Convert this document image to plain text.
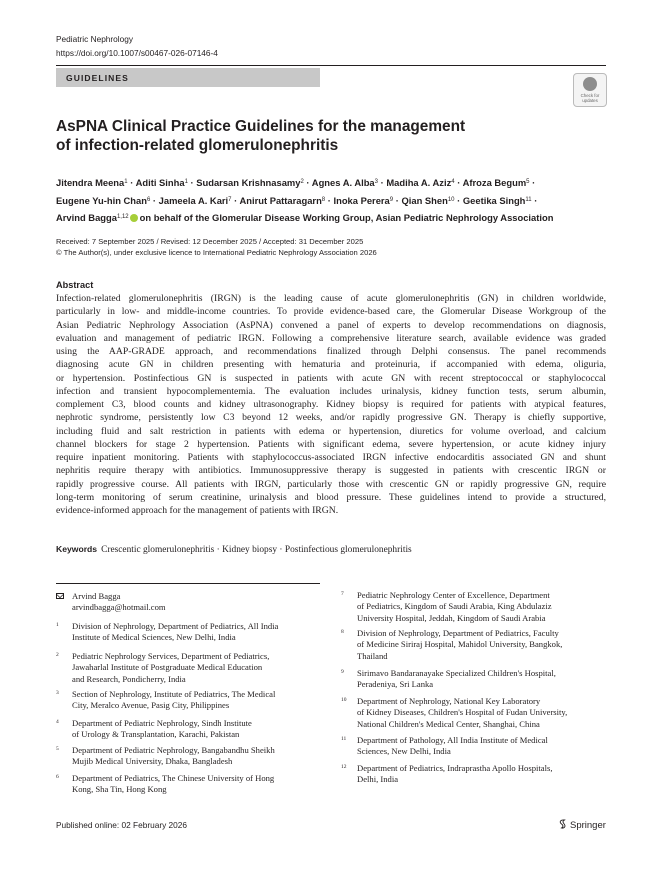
Pediatric Nephrology
https://doi.org/10.1007/s00467-026-07146-4
GUIDELINES
Check for
updates
AsPNA Clinical Practice Guidelines for the management
of infection-related glomerulonephritis
Jitendra Meena$^1$ · Aditi Sinha$^1$ · Sudarsan Krishnasamy$^2$ · Agnes A. Alba$^3$ · Madiha A. Aziz$^4$ · Afroza Begum$^5$ ·
Eugene Yu-hin Chan$^6$ · Jameela A. Kari$^7$ · Anirut Pattaragarn$^8$ · Inoka Perera$^9$ · Qian Shen$^{10}$ · Geetika Singh$^{11}$ ·
Arvind Bagga$^{1,12}$ on behalf of the Glomerular Disease Working Group, Asian Pediatric Nephrology Association
Received: 7 September 2025 / Revised: 12 December 2025 / Accepted: 31 December 2025
© The Author(s), under exclusive licence to International Pediatric Nephrology Association 2026
Abstract
Infection-related glomerulonephritis (IRGN) is the leading cause of acute glomerulonephritis (GN) in children worldwide,
particularly in low- and middle-income countries. To provide evidence-based care, the Glomerular Disease Workgroup of the
Asian Pediatric Nephrology Association (AsPNA) convened a panel of experts to develop recommendations on diagnosis,
evaluation and management of pediatric IRGN. Following a comprehensive literature search, available evidence was graded
using the AAP-GRADE approach, and recommendations finalized through Delphi consensus. The panel recommends
diagnosing acute GN in children presenting with hematuria and proteinuria, if accompanied with edema, oliguria,
or hypertension. Postinfectious GN is suspected in patients with acute GN with recent streptococcal or staphylococcal
infection and transient hypocomplementemia. The evaluation includes urinalysis, kidney function tests, serum albumin,
complement C3, blood counts and kidney ultrasonography. Kidney biopsy is required for patients with atypical features,
nephrotic syndrome, persistently low C3 beyond 12 weeks, and/or rapidly progressive GN. Therapy is chiefly supportive,
including fluid and salt restriction in patients with edema or hypertension, diuretics for volume overload, and calcium
channel blockers for stage 2 hypertension. Patients with significant edema, severe hypertension, or acute kidney injury
require inpatient monitoring. Patients with staphylococcus-associated IRGN infective endocarditis associated GN and shunt
nephritis require therapy with antibiotics. Immunosuppressive therapy is suggested in patients with crescentic IRGN or
rapidly progressive course. All patients with IRGN, particularly those with crescentic GN or rapidly progressive GN, require
long-term monitoring of serum creatinine, urinalysis and blood pressure. These guidelines intend to provide a structured,
evidence-informed approach for the management of patients with IRGN.
Keywords Crescentic glomerulonephritis · Kidney biopsy · Postinfectious glomerulonephritis
Arvind Bagga
arvindbagga@hotmail.com
1 Division of Nephrology, Department of Pediatrics, All India
Institute of Medical Sciences, New Delhi, India
2 Pediatric Nephrology Services, Department of Pediatrics,
Jawaharlal Institute of Postgraduate Medical Education
and Research, Pondicherry, India
3 Section of Nephrology, Institute of Pediatrics, The Medical
City, Meralco Avenue, Pasig City, Philippines
4 Department of Pediatric Nephrology, Sindh Institute
of Urology & Transplantation, Karachi, Pakistan
5 Department of Pediatric Nephrology, Bangabandhu Sheikh
Mujib Medical University, Dhaka, Bangladesh
6 Department of Pediatrics, The Chinese University of Hong
Kong, Sha Tin, Hong Kong
7 Pediatric Nephrology Center of Excellence, Department
of Pediatrics, Kingdom of Saudi Arabia, King Abdulaziz
University Hospital, Jeddah, Kingdom of Saudi Arabia
8 Division of Nephrology, Department of Pediatrics, Faculty
of Medicine Siriraj Hospital, Mahidol University, Bangkok,
Thailand
9 Sirimavo Bandaranayake Specialized Children's Hospital,
Peradeniya, Sri Lanka
10 Department of Nephrology, National Key Laboratory
of Kidney Diseases, Children's Hospital of Fudan University,
National Children's Medical Center, Shanghai, China
11 Department of Pathology, All India Institute of Medical
Sciences, New Delhi, India
12 Department of Pediatrics, Indraprastha Apollo Hospitals,
Delhi, India
Published online: 02 February 2026	Springer
